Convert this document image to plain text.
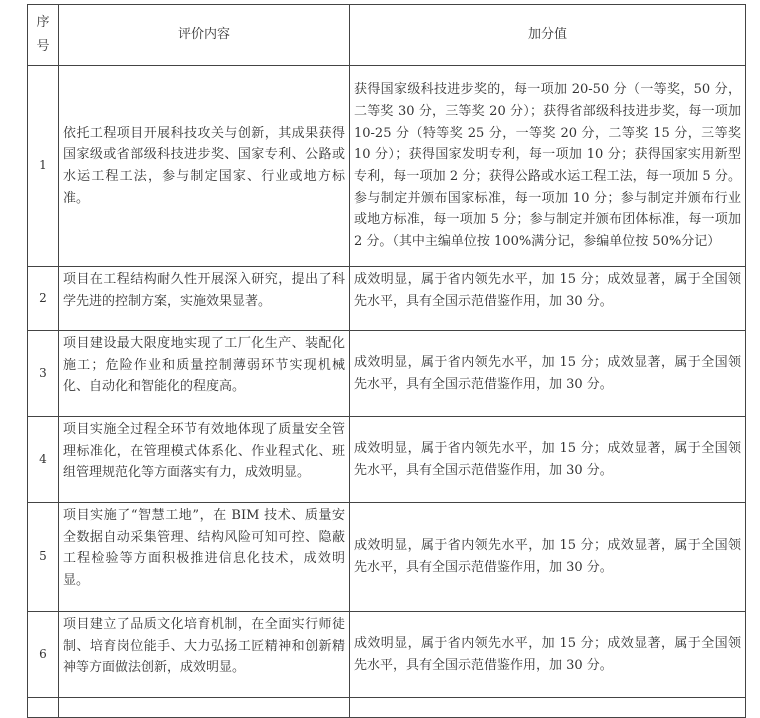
序号	评价内容	加分值
1	依托工程项目开展科技攻关与创新，其成果获得国家级或省部级科技进步奖、国家专利、公路或水运工程工法，参与制定国家、行业或地方标准。	获得国家级科技进步奖的，每一项加 20-50 分（一等奖，50 分，二等奖 30 分，三等奖 20 分）；获得省部级科技进步奖，每一项加 10-25 分（特等奖 25 分，一等奖 20 分，二等奖 15 分，三等奖 10 分）；获得国家发明专利，每一项加 10 分；获得国家实用新型专利，每一项加 2 分；获得公路或水运工程工法，每一项加 5 分。参与制定并颁布国家标准，每一项加 10 分；参与制定并颁布行业或地方标准，每一项加 5 分；参与制定并颁布团体标准，每一项加 2 分。（其中主编单位按 100%满分记，参编单位按 50%分记）
2	项目在工程结构耐久性开展深入研究，提出了科学先进的控制方案，实施效果显著。	成效明显，属于省内领先水平，加 15 分；成效显著，属于全国领先水平，具有全国示范借鉴作用，加 30 分。
3	项目建设最大限度地实现了工厂化生产、装配化施工；危险作业和质量控制薄弱环节实现机械化、自动化和智能化的程度高。	成效明显，属于省内领先水平，加 15 分；成效显著，属于全国领先水平，具有全国示范借鉴作用，加 30 分。
4	项目实施全过程全环节有效地体现了质量安全管理标准化，在管理模式体系化、作业程式化、班组管理规范化等方面落实有力，成效明显。	成效明显，属于省内领先水平，加 15 分；成效显著，属于全国领先水平，具有全国示范借鉴作用，加 30 分。
5	项目实施了“智慧工地”，在 BIM 技术、质量安全数据自动采集管理、结构风险可知可控、隐蔽工程检验等方面积极推进信息化技术，成效明显。	成效明显，属于省内领先水平，加 15 分；成效显著，属于全国领先水平，具有全国示范借鉴作用，加 30 分。
6	项目建立了品质文化培育机制，在全面实行师徒制、培育岗位能手、大力弘扬工匠精神和创新精神等方面做法创新，成效明显。	成效明显，属于省内领先水平，加 15 分；成效显著，属于全国领先水平，具有全国示范借鉴作用，加 30 分。
